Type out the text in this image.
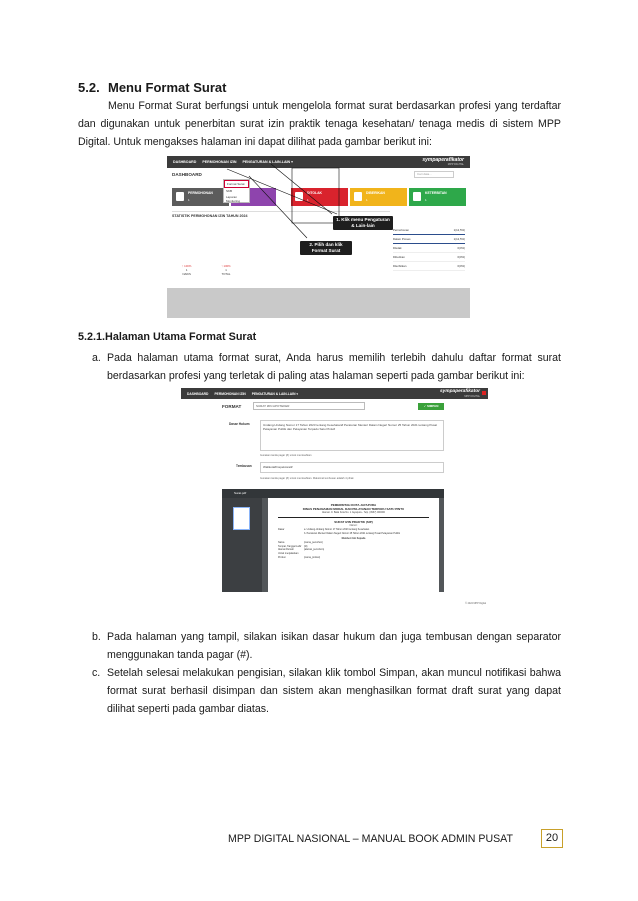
5.2. Menu Format Surat

Menu Format Surat berfungsi untuk mengelola format surat berdasarkan profesi yang terdaftar dan digunakan untuk penerbitan surat izin praktik tenaga kesehatan/ tenaga medis di sistem MPP Digital. Untuk mengakses halaman ini dapat dilihat pada gambar berikut ini:

DASHBOARD PERMOHONAN IZIN PENGATURAN & LAIN-LAIN ▾	sympaperafikator
MPP DIGITAL
DASHBOARD	Cari data...
PERMOHONAN
1
DITOLAK
1
DIBERIKAN
1
KETERBITAN
1
Format Surat
SKB
Laporan Monitoring
STATISTIK PERMOHONAN IZIN TAHUN 2024
Permohonan	1(12,5%)
Dalam Proses	1(12,5%)
Ditolak	0(0%)
Diberikan	0(0%)
Diterbitkan	0(0%)
↑ 100%
1
NAIKS
↑ 100%
1
TOTAL
1. Klik menu Pengaturan & Lain-lain
2. Pilih dan klik Format Surat
5.2.1.Halaman Utama Format Surat
a. Pada halaman utama format surat, Anda harus memilih terlebih dahulu daftar format surat berdasarkan profesi yang terletak di paling atas halaman seperti pada gambar berikut ini:
DASHBOARD PERMOHONAN IZIN PENGATURAN & LAIN-LAIN ▾	sympaperafikator
MPP DIGITAL
FORMAT	SURAT IZIN APOTEKER	✓ SIMPAN
Dasar Hukum	Undang-Undang Nomor 17 Tahun 2023 tentang Kesehatan# Peraturan Menteri Dalam Negeri Nomor 25 Tahun 2021 tentang Pusat Pelayanan Publik dan Pelayanan Terpadu Satu Pintu#
Gunakan tanda pagar (#) untuk memisahkan
Tembusan	Walikota#Inspektorat#
Gunakan tanda pagar (#) untuk memisahkan. Maksimal tembusan adalah 4 pihak
Surat.pdf
PEMERINTAH KOTA JAYAPURA
DINAS PENANAMAN MODAL DAN PELAYANAN TERPADU SATU PINTU
Alamat: Jl. Balai Kota No. 1 Jayapura - Telp. (0967) 000000
SURAT IZIN PRAKTIK (SIP)
Nomor:
Dasar	a. Undang-Undang Nomor 17 Tahun 2023 tentang Kesehatan
b. Peraturan Menteri Dalam Negeri Nomor 25 Tahun 2021 tentang Pusat Pelayanan Publik
Memberi Izin Kepada
Nama	{nama_pemohon}
Tempat, Tanggal Lahir	{ttl}
Alamat Rumah	{alamat_pemohon}
Untuk menjalankan
Profesi	{nama_profesi}
© 2024 MPP Digital
b. Pada halaman yang tampil, silakan isikan dasar hukum dan juga tembusan dengan separator menggunakan tanda pagar (#).
c. Setelah selesai melakukan pengisian, silakan klik tombol Simpan, akan muncul notifikasi bahwa format surat berhasil disimpan dan sistem akan menghasilkan format draft surat yang dapat dilihat seperti pada gambar diatas.
MPP DIGITAL NASIONAL – MANUAL BOOK ADMIN PUSAT	20
